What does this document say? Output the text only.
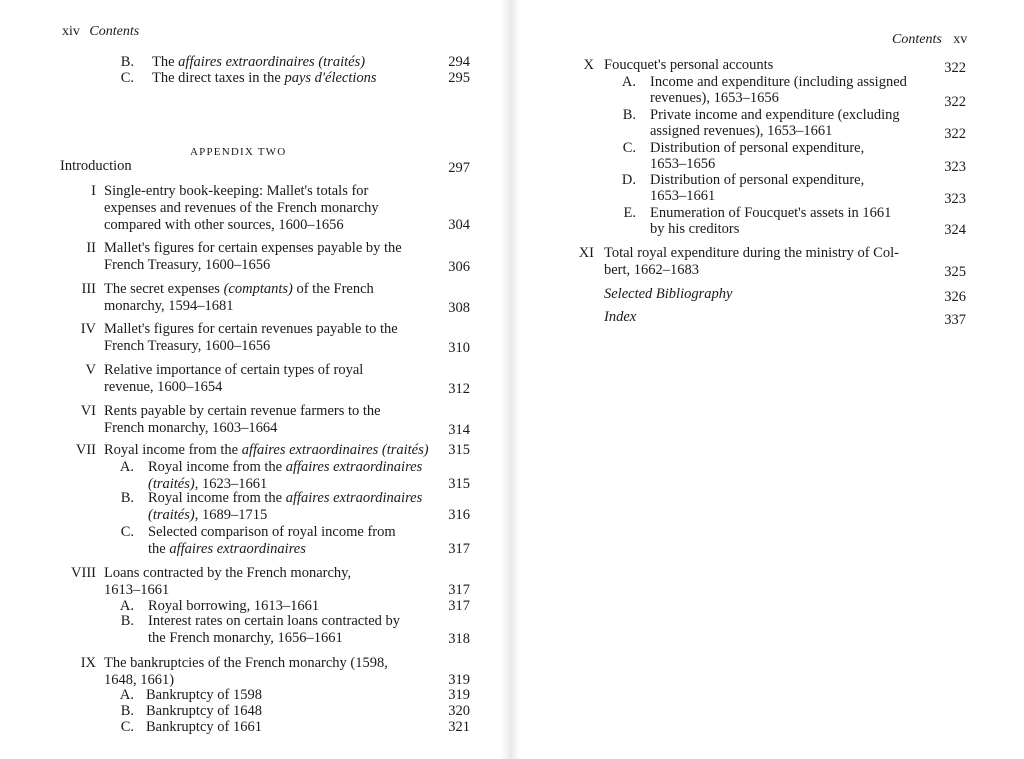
xiv Contents
B. The affaires extraordinaires (traités)	294
C. The direct taxes in the pays d'élections	295
APPENDIX TWO
Introduction	297
I Single-entry book-keeping: Mallet's totals for
expenses and revenues of the French monarchy
compared with other sources, 1600–1656	304
II Mallet's figures for certain expenses payable by the
French Treasury, 1600–1656	306
III The secret expenses (comptants) of the French
monarchy, 1594–1681	308
IV Mallet's figures for certain revenues payable to the
French Treasury, 1600–1656	310
V Relative importance of certain types of royal
revenue, 1600–1654	312
VI Rents payable by certain revenue farmers to the
French monarchy, 1603–1664	314
VII Royal income from the affaires extraordinaires (traités) 315
A. Royal income from the affaires extraordinaires
(traités), 1623–1661	315
B. Royal income from the affaires extraordinaires
(traités), 1689–1715	316
C. Selected comparison of royal income from
the affaires extraordinaires	317
VIII Loans contracted by the French monarchy,
1613–1661	317
A. Royal borrowing, 1613–1661	317
B. Interest rates on certain loans contracted by
the French monarchy, 1656–1661	318
IX The bankruptcies of the French monarchy (1598,
1648, 1661)	319
A. Bankruptcy of 1598	319
B. Bankruptcy of 1648	320
C. Bankruptcy of 1661	321
Contents xv
X Foucquet's personal accounts	322
A. Income and expenditure (including assigned
revenues), 1653–1656	322
B. Private income and expenditure (excluding
assigned revenues), 1653–1661	322
C. Distribution of personal expenditure,
1653–1656	323
D. Distribution of personal expenditure,
1653–1661	323
E. Enumeration of Foucquet's assets in 1661
by his creditors	324
XI Total royal expenditure during the ministry of Col-
bert, 1662–1683	325
Selected Bibliography	326
Index	337
